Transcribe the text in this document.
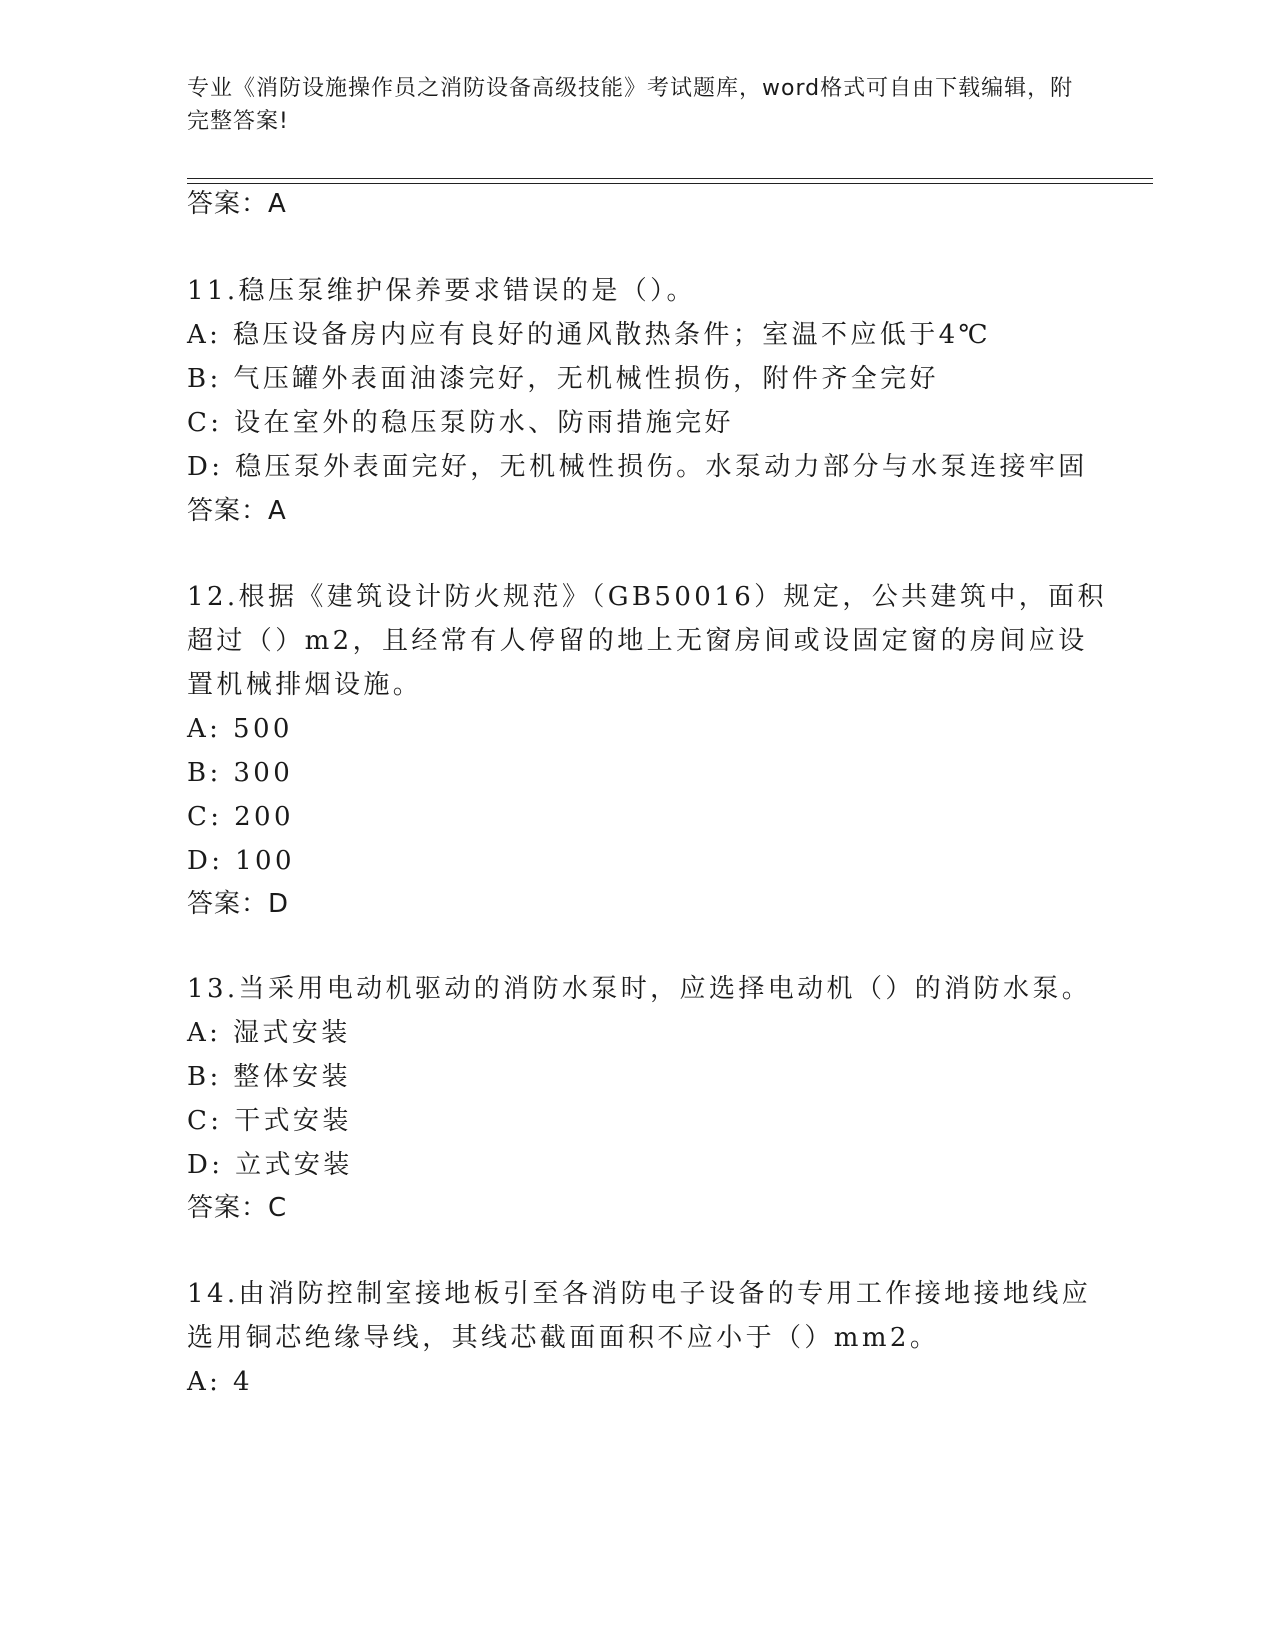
专业《消防设施操作员之消防设备高级技能》考试题库，word格式可自由下载编辑，附完整答案!
答案：A
11.稳压泵维护保养要求错误的是（）。
A: 稳压设备房内应有良好的通风散热条件；室温不应低于4℃
B: 气压罐外表面油漆完好，无机械性损伤，附件齐全完好
C: 设在室外的稳压泵防水、防雨措施完好
D: 稳压泵外表面完好，无机械性损伤。水泵动力部分与水泵连接牢固
答案：A
12.根据《建筑设计防火规范》（GB50016）规定，公共建筑中，面积
超过（）m2，且经常有人停留的地上无窗房间或设固定窗的房间应设
置机械排烟设施。
A: 500
B: 300
C: 200
D: 100
答案：D
13.当采用电动机驱动的消防水泵时，应选择电动机（）的消防水泵。
A: 湿式安装
B: 整体安装
C: 干式安装
D: 立式安装
答案：C
14.由消防控制室接地板引至各消防电子设备的专用工作接地接地线应
选用铜芯绝缘导线，其线芯截面面积不应小于（）mm2。
A: 4
